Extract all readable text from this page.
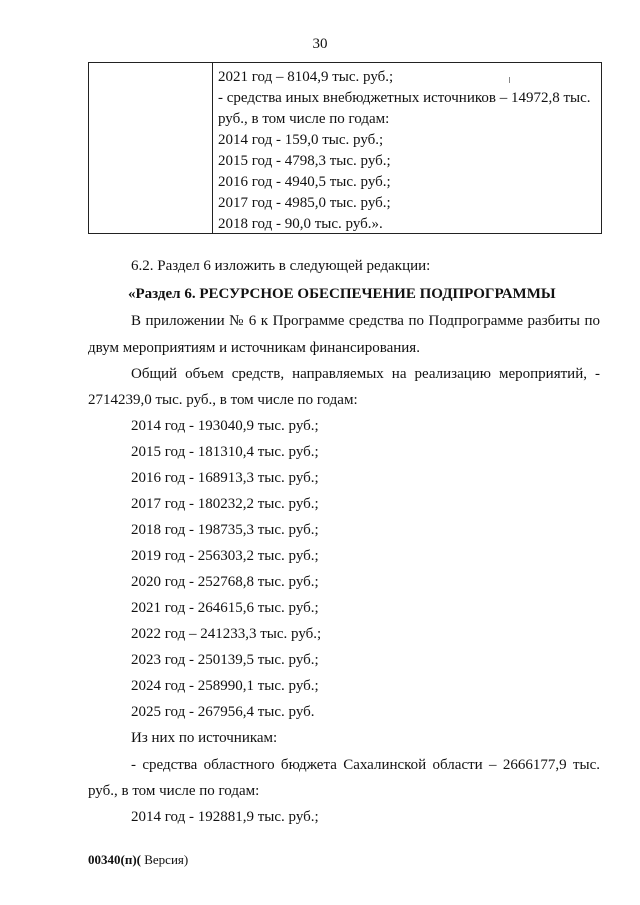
30
2021 год – 8104,9 тыс. руб.;
- средства иных внебюджетных источников – 14972,8 тыс.
руб., в том числе по годам:
2014 год - 159,0 тыс. руб.;
2015 год - 4798,3 тыс. руб.;
2016 год - 4940,5 тыс. руб.;
2017 год - 4985,0 тыс. руб.;
2018 год - 90,0 тыс. руб.».
6.2. Раздел 6 изложить в следующей редакции:
«Раздел 6. РЕСУРСНОЕ ОБЕСПЕЧЕНИЕ ПОДПРОГРАММЫ
В приложении № 6 к Программе средства по Подпрограмме разбиты по
двум мероприятиям и источникам финансирования.
Общий объем средств, направляемых на реализацию мероприятий, -
2714239,0 тыс. руб., в том числе по годам:
2014 год - 193040,9 тыс. руб.;
2015 год - 181310,4 тыс. руб.;
2016 год - 168913,3 тыс. руб.;
2017 год - 180232,2 тыс. руб.;
2018 год - 198735,3 тыс. руб.;
2019 год - 256303,2 тыс. руб.;
2020 год - 252768,8 тыс. руб.;
2021 год - 264615,6 тыс. руб.;
2022 год – 241233,3 тыс. руб.;
2023 год - 250139,5 тыс. руб.;
2024 год - 258990,1 тыс. руб.;
2025 год - 267956,4 тыс. руб.
Из них по источникам:
- средства областного бюджета Сахалинской области – 2666177,9 тыс.
руб., в том числе по годам:
2014 год - 192881,9 тыс. руб.;
00340(п)( Версия)
